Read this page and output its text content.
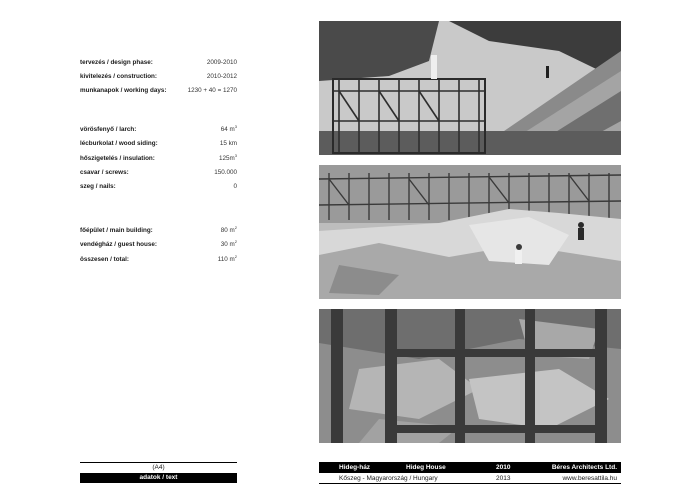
tervezés / design phase:	2009-2010
kivitelezés / construction:	2010-2012
munkanapok / working days:	1230 + 40 = 1270
vörösfenyő / larch:	64 $m^3$
lécburkolat / wood siding:	15 km
hőszigetelés / insulation:	$125m^3$
csavar / screws:	150.000
szeg / nails:	0
főépület / main building:	80 $m^2$
vendégház / guest house:	30 $m^2$
összesen / total:	110 $m^2$
(A4)
adatok / text
Hideg-ház	Hideg House	2010	Béres Architects Ltd.
Kőszeg - Magyarország / Hungary	2013	www.beresattila.hu
